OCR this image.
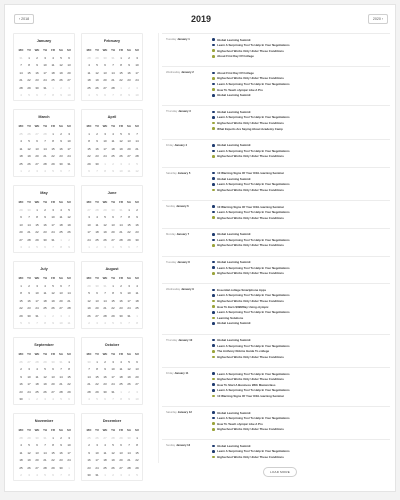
‹ 2018	2019	2020 ›
January
MO	TU	WE	TH	FR	SA	SU
31	1	2	3	4	5	6
7	8	9	10	11	12	13
14	15	16	17	18	19	20
21	22	23	24	25	26	27
28	29	30	31	1	2	3
4	5	6	7	8	9	10
February
MO	TU	WE	TH	FR	SA	SU
28	29	30	31	1	2	3
4	5	6	7	8	9	10
11	12	13	14	15	16	17
18	19	20	21	22	23	24
25	26	27	28	1	2	3
4	5	6	7	8	9	10
March
MO	TU	WE	TH	FR	SA	SU
25	26	27	28	1	2	3
4	5	6	7	8	9	10
11	12	13	14	15	16	17
18	19	20	21	22	23	24
25	26	27	28	29	30	31
1	2	3	4	5	6	7
April
MO	TU	WE	TH	FR	SA	SU
1	2	3	4	5	6	7
8	9	10	11	12	13	14
15	16	17	18	19	20	21
22	23	24	25	26	27	28
29	30	1	2	3	4	5
6	7	8	9	10	11	12
May
MO	TU	WE	TH	FR	SA	SU
29	30	1	2	3	4	5
6	7	8	9	10	11	12
13	14	15	16	17	18	19
20	21	22	23	24	25	26
27	28	29	30	31	1	2
3	4	5	6	7	8	9
June
MO	TU	WE	TH	FR	SA	SU
27	28	29	30	31	1	2
3	4	5	6	7	8	9
10	11	12	13	14	15	16
17	18	19	20	21	22	23
24	25	26	27	28	29	30
1	2	3	4	5	6	7
July
MO	TU	WE	TH	FR	SA	SU
1	2	3	4	5	6	7
8	9	10	11	12	13	14
15	16	17	18	19	20	21
22	23	24	25	26	27	28
29	30	31	1	2	3	4
5	6	7	8	9	10	11
August
MO	TU	WE	TH	FR	SA	SU
29	30	31	1	2	3	4
5	6	7	8	9	10	11
12	13	14	15	16	17	18
19	20	21	22	23	24	25
26	27	28	29	30	31	1
2	3	4	5	6	7	8
September
MO	TU	WE	TH	FR	SA	SU
26	27	28	29	30	31	1
2	3	4	5	6	7	8
9	10	11	12	13	14	15
16	17	18	19	20	21	22
23	24	25	26	27	28	29
30	1	2	3	4	5	6
October
MO	TU	WE	TH	FR	SA	SU
30	1	2	3	4	5	6
7	8	9	10	11	12	13
14	15	16	17	18	19	20
21	22	23	24	25	26	27
28	29	30	31	1	2	3
4	5	6	7	8	9	10
November
MO	TU	WE	TH	FR	SA	SU
28	29	30	31	1	2	3
4	5	6	7	8	9	10
11	12	13	14	15	16	17
18	19	20	21	22	23	24
25	26	27	28	29	30	1
2	3	4	5	6	7	8
December
MO	TU	WE	TH	FR	SA	SU
25	26	27	28	29	30	1
2	3	4	5	6	7	8
9	10	11	12	13	14	15
16	17	18	19	20	21	22
23	24	25	26	27	28	29
30	31	1	2	3	4	5
TuesdayJanuary 1	Global Learning Summit
Learn A Surprising Tool To Help In Your Negotiations
Highschool Works Only Under These Conditions
About First Day Of College
WednesdayJanuary 2	About First Day Of College
Highschool Works Only Under These Conditions
Learn A Surprising Tool To Help In Your Negotiations
How To Teach olympic Like A Pro
Global Learning Summit
ThursdayJanuary 3	Global Learning Summit
Learn A Surprising Tool To Help In Your Negotiations
Highschool Works Only Under These Conditions
What Experts Are Saying About Academy Camp
FridayJanuary 4	Global Learning Summit
Learn A Surprising Tool To Help In Your Negotiations
Highschool Works Only Under These Conditions
SaturdayJanuary 5	10 Warning Signs Of Your ICEL learning Seminar
Global Learning Summit
Learn A Surprising Tool To Help In Your Negotiations
Highschool Works Only Under These Conditions
SundayJanuary 6	10 Warning Signs Of Your ICEL learning Seminar
Learn A Surprising Tool To Help In Your Negotiations
Highschool Works Only Under These Conditions
MondayJanuary 7	Global Learning Summit
Learn A Surprising Tool To Help In Your Negotiations
Highschool Works Only Under These Conditions
TuesdayJanuary 8	Global Learning Summit
Learn A Surprising Tool To Help In Your Negotiations
Highschool Works Only Under These Conditions
WednesdayJanuary 9	Essential college Smartphone Apps
Learn A Surprising Tool To Help In Your Negotiations
Highschool Works Only Under These Conditions
How To Earn $398/Day Using olympic
Learn A Surprising Tool To Help In Your Negotiations
Learning Solutions
Global Learning Summit
ThursdayJanuary 10	Global Learning Summit
Learn A Surprising Tool To Help In Your Negotiations
The Anthony Robins Guide To college
Highschool Works Only Under These Conditions
FridayJanuary 11	Learn A Surprising Tool To Help In Your Negotiations
Highschool Works Only Under These Conditions
How To Start A Business With Masterclass
Learn A Surprising Tool To Help In Your Negotiations
10 Warning Signs Of Your ICEL learning Seminar
SaturdayJanuary 12	Global Learning Summit
Learn A Surprising Tool To Help In Your Negotiations
How To Teach olympic Like A Pro
Highschool Works Only Under These Conditions
SundayJanuary 13	Global Learning Summit
Learn A Surprising Tool To Help In Your Negotiations
Highschool Works Only Under These Conditions
LOAD MORE
